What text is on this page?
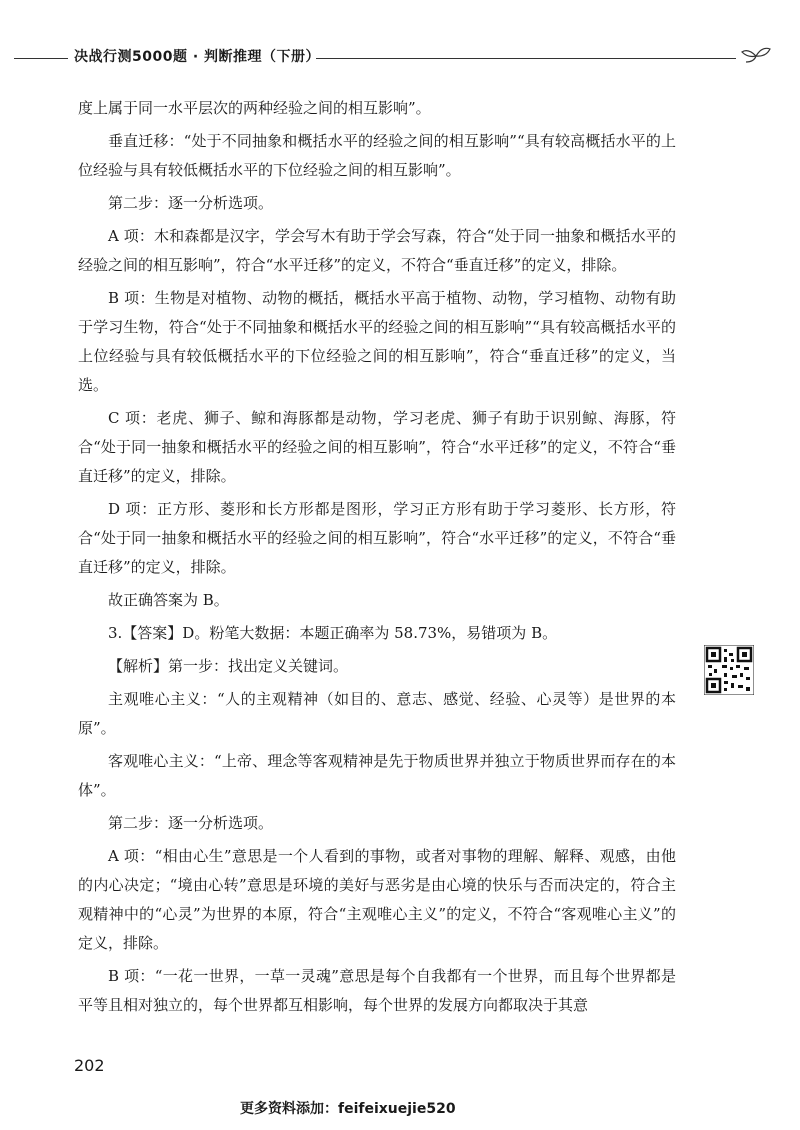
决战行测5000题 · 判断推理（下册）

度上属于同一水平层次的两种经验之间的相互影响”。

垂直迁移：“处于不同抽象和概括水平的经验之间的相互影响”“具有较高概括水平的上位经验与具有较低概括水平的下位经验之间的相互影响”。

第二步：逐一分析选项。

A 项：木和森都是汉字，学会写木有助于学会写森，符合“处于同一抽象和概括水平的经验之间的相互影响”，符合“水平迁移”的定义，不符合“垂直迁移”的定义，排除。

B 项：生物是对植物、动物的概括，概括水平高于植物、动物，学习植物、动物有助于学习生物，符合“处于不同抽象和概括水平的经验之间的相互影响”“具有较高概括水平的上位经验与具有较低概括水平的下位经验之间的相互影响”，符合“垂直迁移”的定义，当选。

C 项：老虎、狮子、鲸和海豚都是动物，学习老虎、狮子有助于识别鲸、海豚，符合“处于同一抽象和概括水平的经验之间的相互影响”，符合“水平迁移”的定义，不符合“垂直迁移”的定义，排除。

D 项：正方形、菱形和长方形都是图形，学习正方形有助于学习菱形、长方形，符合“处于同一抽象和概括水平的经验之间的相互影响”，符合“水平迁移”的定义，不符合“垂直迁移”的定义，排除。

故正确答案为 B。

3.【答案】D。粉笔大数据：本题正确率为 58.73%，易错项为 B。

【解析】第一步：找出定义关键词。

主观唯心主义：“人的主观精神（如目的、意志、感觉、经验、心灵等）是世界的本原”。

客观唯心主义：“上帝、理念等客观精神是先于物质世界并独立于物质世界而存在的本体”。

第二步：逐一分析选项。

A 项：“相由心生”意思是一个人看到的事物，或者对事物的理解、解释、观感，由他的内心决定；“境由心转”意思是环境的美好与恶劣是由心境的快乐与否而决定的，符合主观精神中的“心灵”为世界的本原，符合“主观唯心主义”的定义，不符合“客观唯心主义”的定义，排除。

B 项：“一花一世界，一草一灵魂”意思是每个自我都有一个世界，而且每个世界都是平等且相对独立的，每个世界都互相影响，每个世界的发展方向都取决于其意

202
更多资料添加：feifeixuejie520
